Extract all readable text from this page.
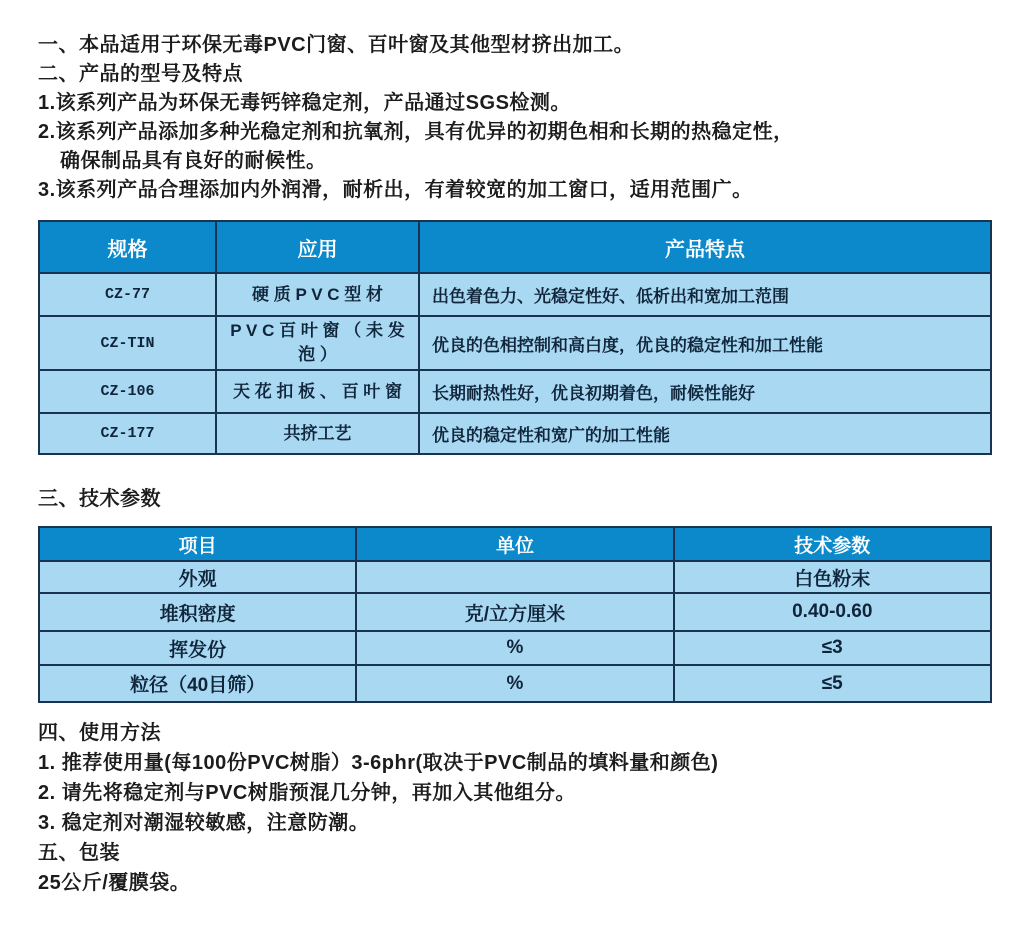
一、本品适用于环保无毒PVC门窗、百叶窗及其他型材挤出加工。

二、产品的型号及特点

1.该系列产品为环保无毒钙锌稳定剂，产品通过SGS检测。

2.该系列产品添加多种光稳定剂和抗氧剂，具有优异的初期色相和长期的热稳定性，

确保制品具有良好的耐候性。

3.该系列产品合理添加内外润滑，耐析出，有着较宽的加工窗口，适用范围广。

规格	应用	产品特点
CZ-77	硬 质 P V C 型 材	出色着色力、光稳定性好、低析出和宽加工范围
CZ-TIN	P V C 百 叶 窗 （ 未 发 泡 ）	优良的色相控制和高白度，优良的稳定性和加工性能
CZ-106	天 花 扣 板 、 百 叶 窗	长期耐热性好，优良初期着色，耐候性能好
CZ-177	共挤工艺	优良的稳定性和宽广的加工性能

三、技术参数

项目	单位	技术参数
外观		白色粉末
堆积密度	克/立方厘米	0.40-0.60
挥发份	%	≤3
粒径（40目筛）	%	≤5

四、使用方法

1. 推荐使用量(每100份PVC树脂）3-6phr(取决于PVC制品的填料量和颜色)

2. 请先将稳定剂与PVC树脂预混几分钟，再加入其他组分。

3. 稳定剂对潮湿较敏感，注意防潮。

五、包装

25公斤/覆膜袋。
